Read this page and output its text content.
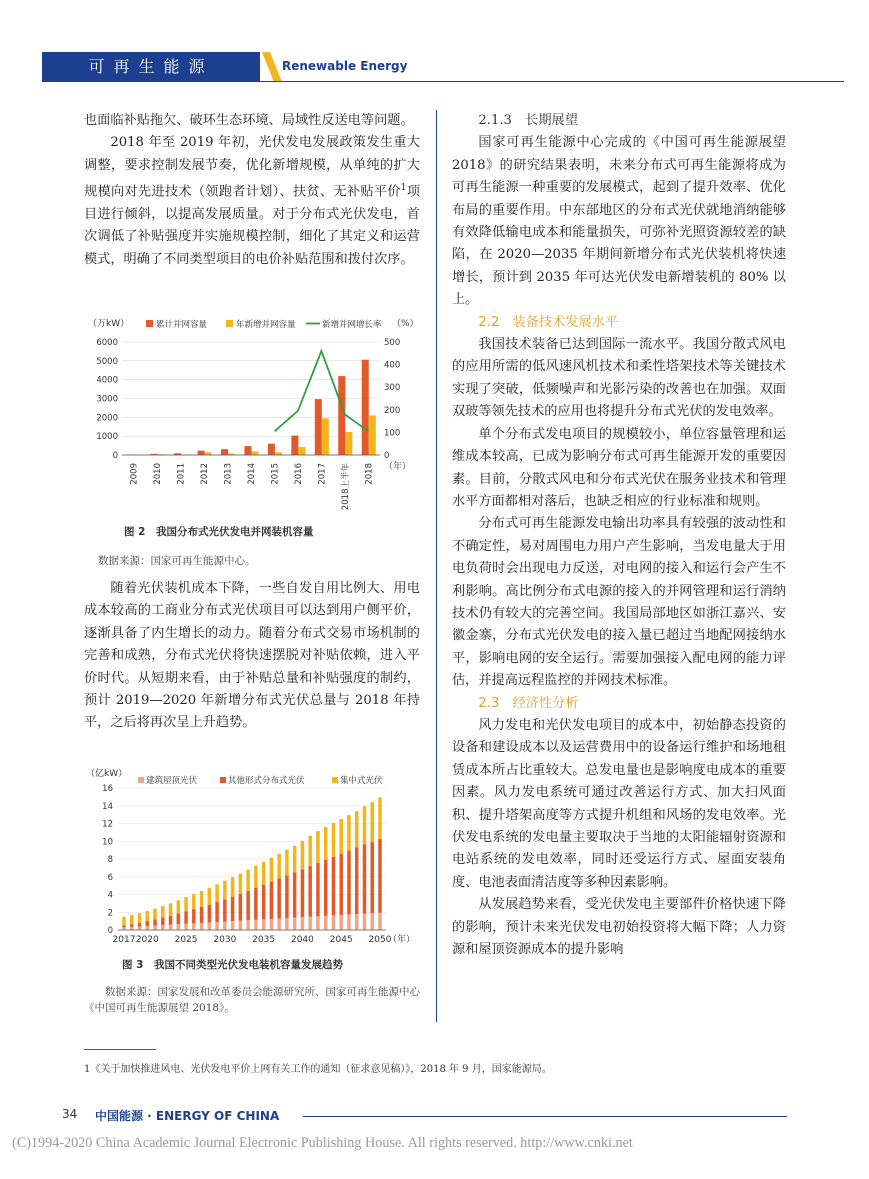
可再生能源	Renewable Energy

也面临补贴拖欠、破环生态环境、局域性反送电等问题。

2018 年至 2019 年初，光伏发电发展政策发生重大调整，要求控制发展节奏，优化新增规模，从单纯的扩大规模向对先进技术（领跑者计划）、扶贫、无补贴平价$^1$项目进行倾斜，以提高发展质量。对于分布式光伏发电，首次调低了补贴强度并实施规模控制，细化了其定义和运营模式，明确了不同类型项目的电价补贴范围和拨付次序。

（万kW）	（%）
0
1000
2000
3000
4000
5000
6000
0
100
200
300
400
500
2009 2010 2011 2012 2013 2014 2015 2016 2017 2018上半年 2018 （年）
累计并网容量	年新增并网容量	新增并网增长率
图 2　我国分布式光伏发电并网装机容量
数据来源：国家可再生能源中心。

随着光伏装机成本下降，一些自发自用比例大、用电成本较高的工商业分布式光伏项目可以达到用户侧平价，逐渐具备了内生增长的动力。随着分布式交易市场机制的完善和成熟，分布式光伏将快速摆脱对补贴依赖，进入平价时代。从短期来看，由于补贴总量和补贴强度的制约，预计 2019—2020 年新增分布式光伏总量与 2018 年持平，之后将再次呈上升趋势。

（亿kW）
0
2
4
6
8
10
12
14
16
2017 2020 2025 2030 2035 2040 2045 2050
（年）
建筑屋顶光伏	其他形式分布式光伏	集中式光伏
图 3　我国不同类型光伏发电装机容量发展趋势
数据来源：国家发展和改革委员会能源研究所、国家可再生能源中心《中国可再生能源展望 2018》。

2.1.3　长期展望

国家可再生能源中心完成的《中国可再生能源展望 2018》的研究结果表明，未来分布式可再生能源将成为可再生能源一种重要的发展模式，起到了提升效率、优化布局的重要作用。中东部地区的分布式光伏就地消纳能够有效降低输电成本和能量损失，可弥补光照资源较差的缺陷，在 2020—2035 年期间新增分布式光伏装机将快速增长，预计到 2035 年可达光伏发电新增装机的 80% 以上。

2.2　装备技术发展水平

我国技术装备已达到国际一流水平。我国分散式风电的应用所需的低风速风机技术和柔性塔架技术等关键技术实现了突破，低频噪声和光影污染的改善也在加强。双面双玻等领先技术的应用也将提升分布式光伏的发电效率。

单个分布式发电项目的规模较小，单位容量管理和运维成本较高，已成为影响分布式可再生能源开发的重要因素。目前，分散式风电和分布式光伏在服务业技术和管理水平方面都相对落后，也缺乏相应的行业标准和规则。

分布式可再生能源发电输出功率具有较强的波动性和不确定性，易对周围电力用户产生影响，当发电量大于用电负荷时会出现电力反送，对电网的接入和运行会产生不利影响。高比例分布式电源的接入的并网管理和运行消纳技术仍有较大的完善空间。我国局部地区如浙江嘉兴、安徽金寨，分布式光伏发电的接入量已超过当地配网接纳水平，影响电网的安全运行。需要加强接入配电网的能力评估，并提高远程监控的并网技术标准。

2.3　经济性分析

风力发电和光伏发电项目的成本中，初始静态投资的设备和建设成本以及运营费用中的设备运行维护和场地租赁成本所占比重较大。总发电量也是影响度电成本的重要因素。风力发电系统可通过改善运行方式、加大扫风面积、提升塔架高度等方式提升机组和风场的发电效率。光伏发电系统的发电量主要取决于当地的太阳能辐射资源和电站系统的发电效率，同时还受运行方式、屋面安装角度、电池表面清洁度等多种因素影响。

从发展趋势来看，受光伏发电主要部件价格快速下降的影响，预计未来光伏发电初始投资将大幅下降；人力资源和屋顶资源成本的提升影响

1《关于加快推进风电、光伏发电平价上网有关工作的通知（征求意见稿）》，2018 年 9 月，国家能源局。
34 中国能源 · ENERGY OF CHINA
(C)1994-2020 China Academic Journal Electronic Publishing House. All rights reserved. http://www.cnki.net
